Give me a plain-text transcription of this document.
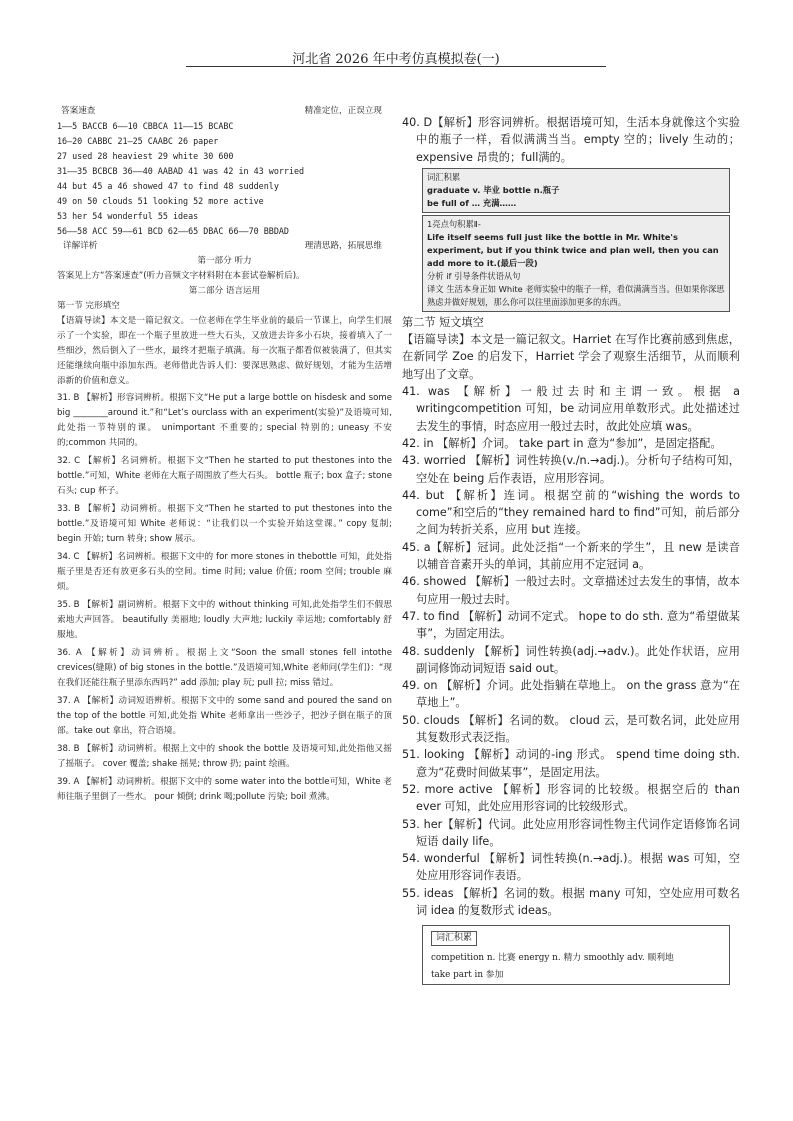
河北省 2026 年中考仿真模拟卷(一)
答案速查	精准定位，正误立现
1——5 BACCB 6——10 CBBCA 11——15 BCABC
16—20 CABBC 21—25 CAABC 26 paper
27 used 28 heaviest 29 white 30 600
31——35 BCBCB 36——40 AABAD 41 was 42 in 43 worried
44 but 45 a 46 showed 47 to find 48 suddenly
49 on 50 clouds 51 looking 52 more active
53 her 54 wonderful 55 ideas
56——58 ACC 59——61 BCD 62——65 DBAC 66——70 BBDAD
详解详析	理清思路，拓展思维
第一部分 听力
答案见上方“答案速查”(听力音频文字材料附在本套试卷解析后)。
第二部分 语言运用
第一节 完形填空
【语篇导读】本文是一篇记叙文。一位老师在学生毕业前的最后一节课上，向学生们展示了一个实验，即在一个瓶子里放进一些大石头，又放进去许多小石块，接着填入了一些细沙，然后倒入了一些水，最终才把瓶子填满。每一次瓶子都看似被装满了，但其实还能继续向瓶中添加东西。老师借此告诉人们：要深思熟虑、做好规划，才能为生活增添新的价值和意义。
31. B 【解析】形容词辨析。根据下文“He put a large bottle on hisdesk and some big ________around it.”和“Let’s ourclass with an experiment(实验)”及语境可知,此处指一节特别的课。 unimportant 不重要的; special 特别的; uneasy 不安的;common 共同的。
32. C 【解析】名词辨析。根据下文“Then he started to put thestones into the bottle.”可知，White 老师在大瓶子周围放了些大石头。 bottle 瓶子; box 盒子; stone 石头; cup 杯子。
33. B 【解析】动词辨析。根据下文“Then he started to put thestones into the bottle.”及语境可知 White 老师说：“让我们以一个实验开始这堂课。” copy 复制; begin 开始; turn 转身; show 展示。
34. C 【解析】名词辨析。根据下文中的 for more stones in thebottle 可知，此处指瓶子里是否还有放更多石头的空间。time 时间; value 价值; room 空间; trouble 麻烦。
35. B 【解析】副词辨析。根据下文中的 without thinking 可知,此处指学生们不假思索地大声回答。 beautifully 美丽地; loudly 大声地; luckily 幸运地; comfortably 舒服地。
36. A 【解析】动词辨析。根据上文“Soon the small stones fell intothe crevices(缝隙) of big stones in the bottle.”及语境可知,White 老师问(学生们)：“现在我们还能往瓶子里添东西吗?” add 添加; play 玩; pull 拉; miss 错过。
37. A 【解析】动词短语辨析。根据下文中的 some sand and poured the sand on the top of the bottle 可知,此处指 White 老师拿出一些沙子，把沙子倒在瓶子的顶部。take out 拿出，符合语境。
38. B 【解析】动词辨析。根据上文中的 shook the bottle 及语境可知,此处指他又摇了摇瓶子。 cover 覆盖; shake 摇晃; throw 扔; paint 绘画。
39. A 【解析】动词辨析。根据下文中的 some water into the bottle可知，White 老师往瓶子里倒了一些水。 pour 倾倒; drink 喝;pollute 污染; boil 煮沸。
40. D【解析】形容词辨析。根据语境可知，生活本身就像这个实验中的瓶子一样，看似满满当当。empty 空的；lively 生动的；expensive 昂贵的；full满的。
词汇积累
graduate v. 毕业 bottle n.瓶子
be full of … 充满……
1亮点句积累Ⅱ-
Life itself seems full just like the bottle in Mr. White's experiment, but if you think twice and plan well, then you can add more to it.(最后一段)
分析 if 引导条件状语从句
译文 生活本身正如 White 老师实验中的瓶子一样，看似满满当当。但如果你深思熟虑并做好规划，那么你可以往里面添加更多的东西。
第二节 短文填空
【语篇导读】本文是一篇记叙文。Harriet 在写作比赛前感到焦虑，在新同学 Zoe 的启发下，Harriet 学会了观察生活细节，从而顺利地写出了文章。
41. was 【解析】一般过去时和主谓一致。根据 a writingcompetition 可知，be 动词应用单数形式。此处描述过去发生的事情，时态应用一般过去时，故此处应填 was。
42. in 【解析】介词。 take part in 意为“参加”，是固定搭配。
43. worried 【解析】词性转换(v./n.→adj.)。分析句子结构可知，空处在 being 后作表语，应用形容词。
44. but 【解析】连词。根据空前的“wishing the words to come”和空后的“they remained hard to find”可知，前后部分之间为转折关系，应用 but 连接。
45. a【解析】冠词。此处泛指“一个新来的学生”，且 new 是读音以辅音音素开头的单词，其前应用不定冠词 a。
46. showed 【解析】一般过去时。文章描述过去发生的事情，故本句应用一般过去时。
47. to find 【解析】动词不定式。 hope to do sth. 意为“希望做某事”，为固定用法。
48. suddenly 【解析】词性转换(adj.→adv.)。此处作状语，应用副词修饰动词短语 said out。
49. on 【解析】介词。此处指躺在草地上。 on the grass 意为“在草地上”。
50. clouds 【解析】名词的数。 cloud 云，是可数名词，此处应用其复数形式表泛指。
51. looking 【解析】动词的-ing 形式。 spend time doing sth. 意为“花费时间做某事”，是固定用法。
52. more active 【解析】形容词的比较级。根据空后的 than ever 可知，此处应用形容词的比较级形式。
53. her【解析】代词。此处应用形容词性物主代词作定语修饰名词短语 daily life。
54. wonderful 【解析】词性转换(n.→adj.)。根据 was 可知，空处应用形容词作表语。
55. ideas 【解析】名词的数。根据 many 可知，空处应用可数名词 idea 的复数形式 ideas。
词汇积累
competition n. 比赛 energy n. 精力 smoothly adv. 顺利地
take part in 参加
